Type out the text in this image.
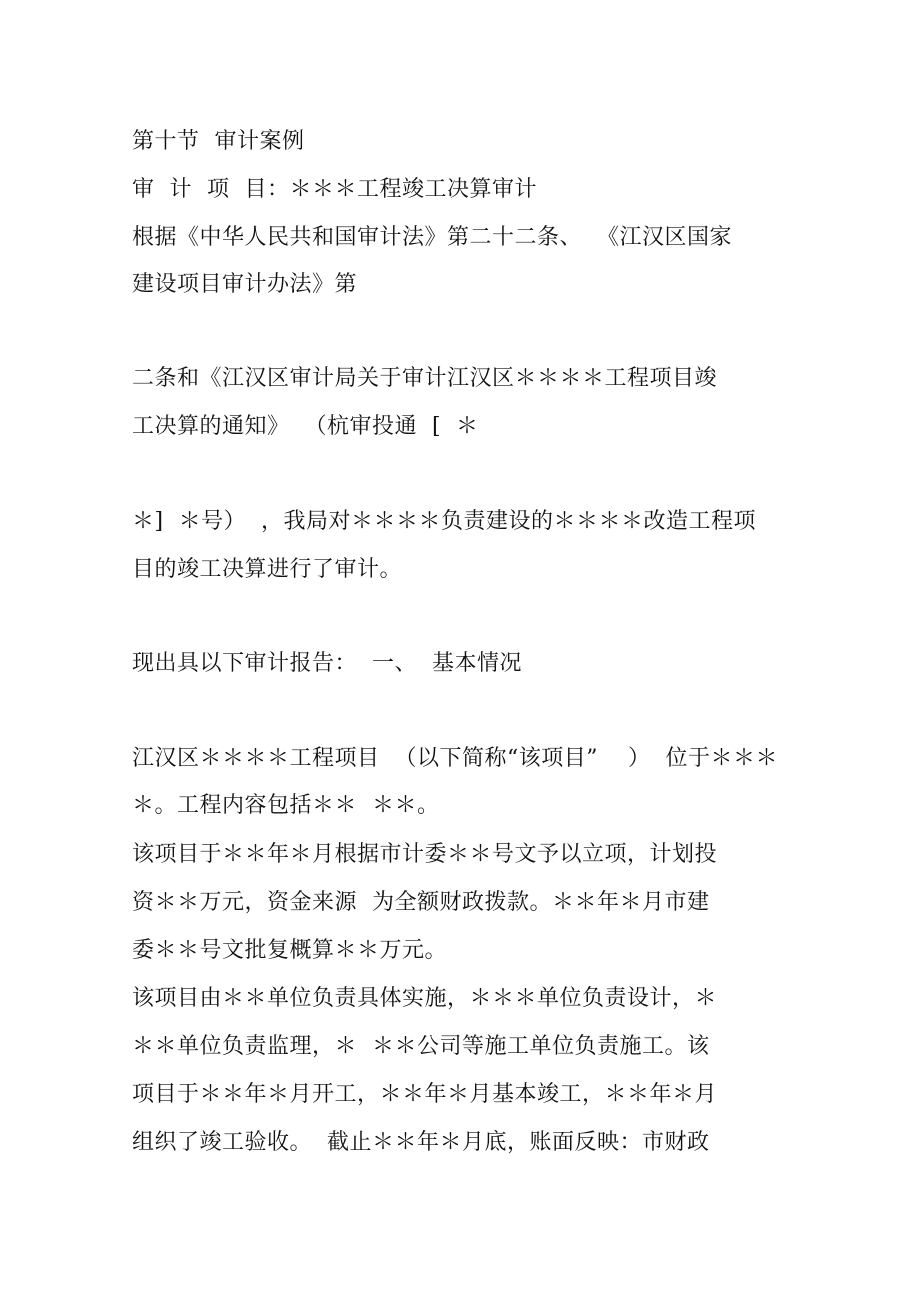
第十节  审计案例
审  计  项  目：＊＊＊工程竣工决算审计
根据《中华人民共和国审计法》第二十二条、  《江汉区国家
建设项目审计办法》第
二条和《江汉区审计局关于审计江汉区＊＊＊＊工程项目竣
工决算的通知》  （杭审投通  [  ＊
＊]  ＊号）  ，我局对＊＊＊＊负责建设的＊＊＊＊改造工程项
目的竣工决算进行了审计。
现出具以下审计报告：  一、  基本情况
江汉区＊＊＊＊工程项目  （以下简称“该项目”    ）  位于＊＊＊
＊。工程内容包括＊＊  ＊＊。
该项目于＊＊年＊月根据市计委＊＊号文予以立项，计划投
资＊＊万元，资金来源  为全额财政拨款。＊＊年＊月市建
委＊＊号文批复概算＊＊万元。
该项目由＊＊单位负责具体实施，＊＊＊单位负责设计，＊
＊＊单位负责监理，＊  ＊＊公司等施工单位负责施工。该
项目于＊＊年＊月开工，＊＊年＊月基本竣工，＊＊年＊月
组织了竣工验收。  截止＊＊年＊月底，账面反映：市财政
